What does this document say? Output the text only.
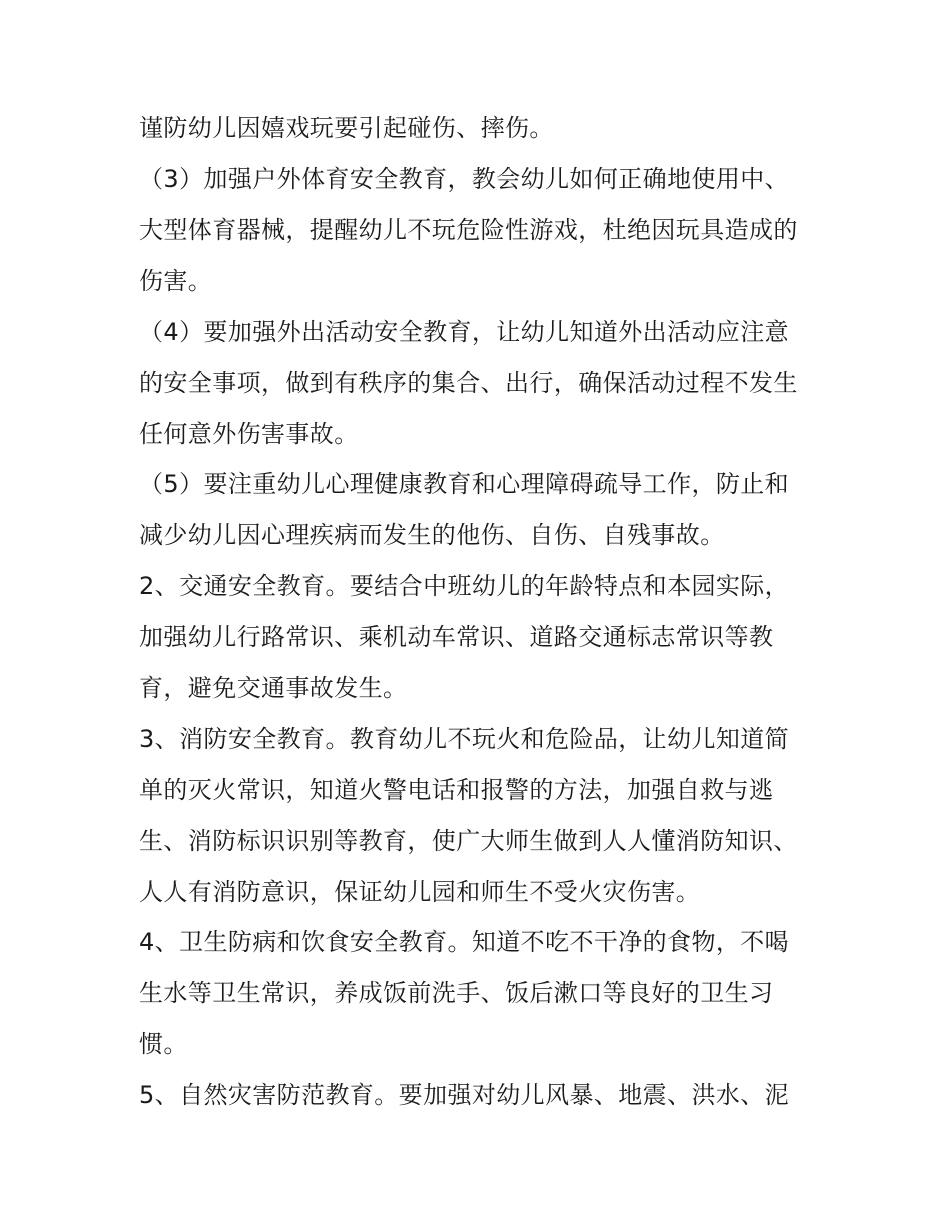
谨防幼儿因嬉戏玩要引起碰伤、摔伤。
（3）加强户外体育安全教育，教会幼儿如何正确地使用中、
大型体育器械，提醒幼儿不玩危险性游戏，杜绝因玩具造成的
伤害。
（4）要加强外出活动安全教育，让幼儿知道外出活动应注意
的安全事项，做到有秩序的集合、出行，确保活动过程不发生
任何意外伤害事故。
（5）要注重幼儿心理健康教育和心理障碍疏导工作，防止和
减少幼儿因心理疾病而发生的他伤、自伤、自残事故。
2、交通安全教育。要结合中班幼儿的年龄特点和本园实际，
加强幼儿行路常识、乘机动车常识、道路交通标志常识等教
育，避免交通事故发生。
3、消防安全教育。教育幼儿不玩火和危险品，让幼儿知道简
单的灭火常识，知道火警电话和报警的方法，加强自救与逃
生、消防标识识别等教育，使广大师生做到人人懂消防知识、
人人有消防意识，保证幼儿园和师生不受火灾伤害。
4、卫生防病和饮食安全教育。知道不吃不干净的食物，不喝
生水等卫生常识，养成饭前洗手、饭后漱口等良好的卫生习
惯。
5、自然灾害防范教育。要加强对幼儿风暴、地震、洪水、泥
